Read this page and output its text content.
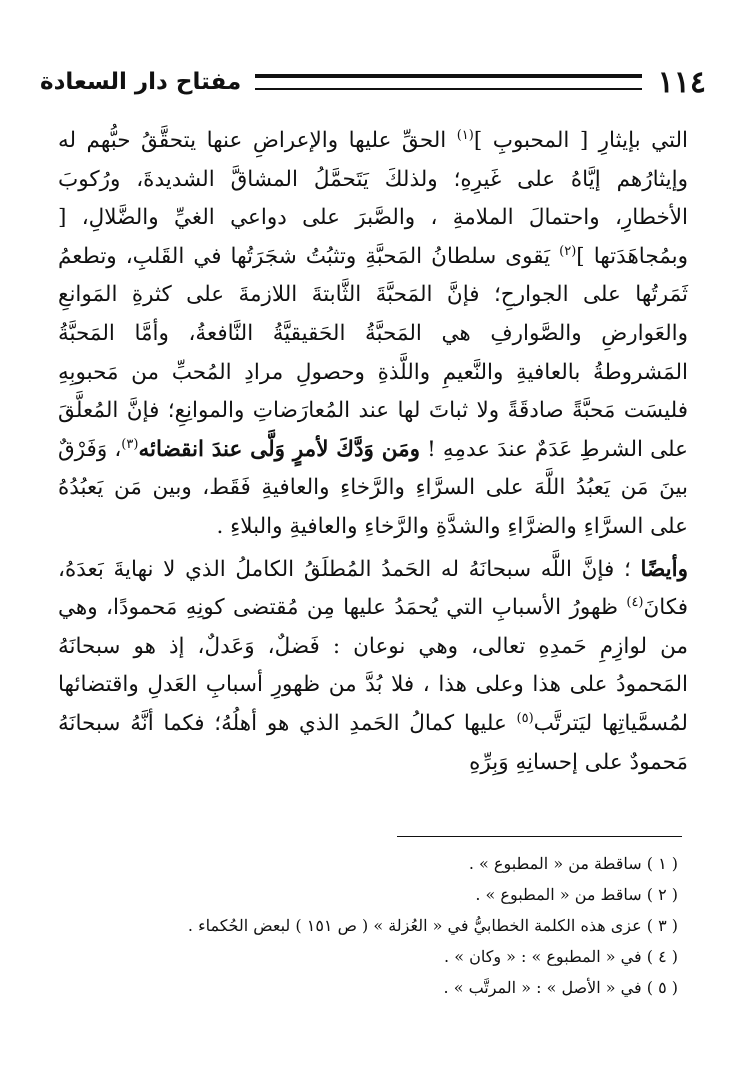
١١٤
مفتاح دار السعادة

التي بإيثارِ [ المحبوبِ ]$^{(١)}$ الحقِّ عليها والإعراضِ عنها يتحقَّقُ حبُّهم له وإيثارُهم إيَّاهُ على غَيرِهِ؛ ولذلكَ يَتَحمَّلُ المشاقَّ الشديدةَ، ورُكوبَ الأخطارِ، واحتمالَ الملامةِ ، والصَّبرَ على دواعي الغيِّ والضَّلالِ، [ وبمُجاهَدَتها ]$^{(٢)}$ يَقوى سلطانُ المَحبَّةِ وتثبُتُ شجَرَتُها في القَلبِ، وتطعمُ ثَمَرتُها على الجوارحِ؛ فإنَّ المَحبَّةَ الثَّابتةَ اللازمةَ على كثرةِ المَوانعِ والعَوارضِ والصَّوارفِ هي المَحبَّةُ الحَقيقيَّةُ النَّافعةُ، وأمَّا المَحبَّةُ المَشروطةُ بالعافيةِ والنَّعيمِ واللَّذةِ وحصولِ مرادِ المُحبِّ من مَحبوبِهِ فليسَت مَحبَّةً صادقَةً ولا ثباتَ لها عند المُعارَضاتِ والموانِعِ؛ فإنَّ المُعلَّقَ على الشرطِ عَدَمٌ عندَ عدمِهِ ! ومَن وَدَّكَ لأمرٍ وَلَّى عندَ انقضائه$^{(٣)}$، وَفَرْقٌ بينَ مَن يَعبُدُ اللَّهَ على السرَّاءِ والرَّخاءِ والعافيةِ فَقَط، وبين مَن يَعبُدُهُ على السرَّاءِ والضرَّاءِ والشدَّةِ والرَّخاءِ والعافيةِ والبلاءِ .

وأيضًا ؛ فإنَّ اللَّه سبحانَهُ له الحَمدُ المُطلَقُ الكاملُ الذي لا نهايةَ بَعدَهُ، فكانَ$^{(٤)}$ ظهورُ الأسبابِ التي يُحمَدُ عليها مِن مُقتضى كونِهِ مَحمودًا، وهي من لوازِمِ حَمدِهِ تعالى، وهي نوعان : فَضلٌ، وَعَدلٌ، إذ هو سبحانَهُ المَحمودُ على هذا وعلى هذا ، فلا بُدَّ من ظهورِ أسبابِ العَدلِ واقتضائها لمُسمَّياتِها ليَترتَّب$^{(٥)}$ عليها كمالُ الحَمدِ الذي هو أهلُهُ؛ فكما أنَّهُ سبحانَهُ مَحمودٌ على إحسانِهِ وَبِرِّهِ

( ١ ) ساقطة من « المطبوع » .
( ٢ ) ساقط من « المطبوع » .
( ٣ ) عزى هذه الكلمة الخطابيُّ في « العُزلة » ( ص ١٥١ ) لبعض الحُكماء .
( ٤ ) في « المطبوع » : « وكان » .
( ٥ ) في « الأصل » : « المرتَّب » .
